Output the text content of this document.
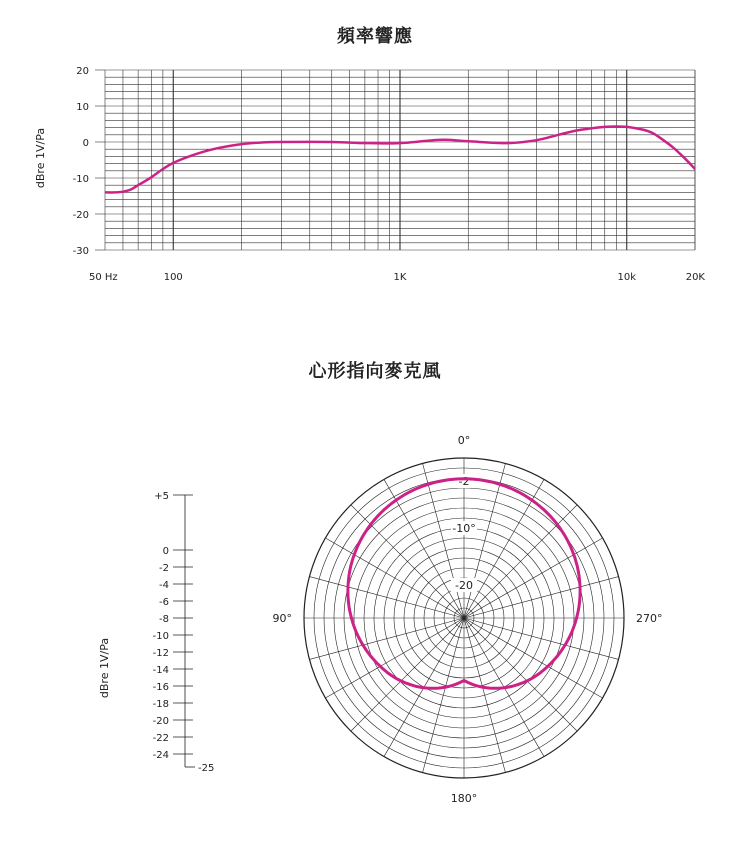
頻率響應
心形指向麥克風
20
10
0
-10
-20
-30
50 Hz	100	1K	10k	20K
dBre 1V/Pa
0°
90°
180°
270°
-2
-10°
-20
+5
0
-2
-4
-6
-8
-10
-12
-14
-16
-18
-20
-22
-24
-25
dBre 1V/Pa
